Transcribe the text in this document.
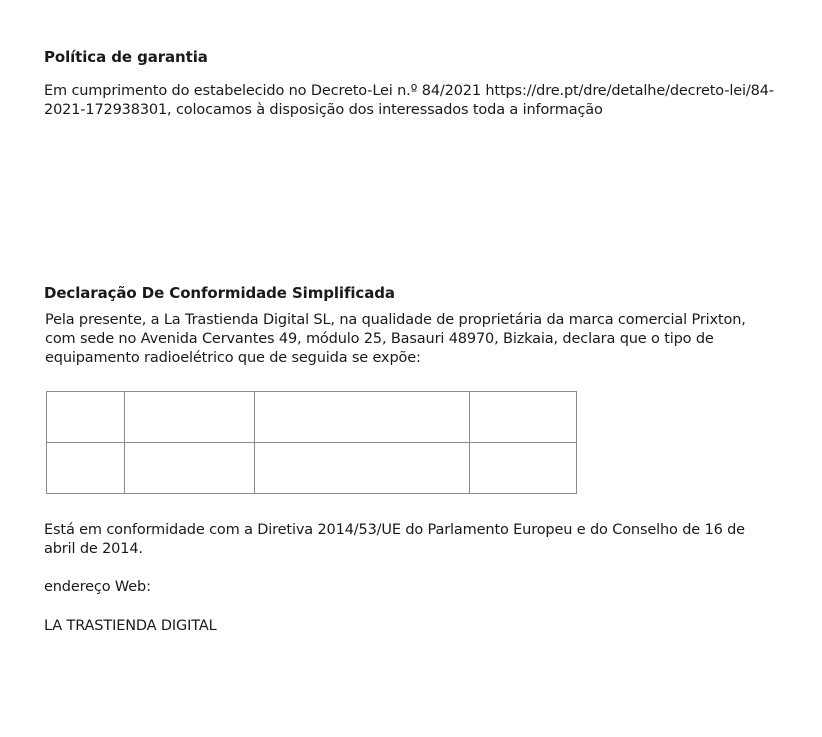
Política de garantia

Em cumprimento do estabelecido no Decreto-Lei n.º 84/2021 https://dre.pt/dre/detalhe/decreto-lei/84-2021-172938301, colocamos à disposição dos interessados toda a informação

Declaração De Conformidade Simplificada

Pela presente, a La Trastienda Digital SL, na qualidade de proprietária da marca comercial Prixton, com sede no Avenida Cervantes 49, módulo 25, Basauri 48970, Bizkaia, declara que o tipo de equipamento radioelétrico que de seguida se expõe:

Está em conformidade com a Diretiva 2014/53/UE do Parlamento Europeu e do Conselho de 16 de abril de 2014.

endereço Web:

LA TRASTIENDA DIGITAL
